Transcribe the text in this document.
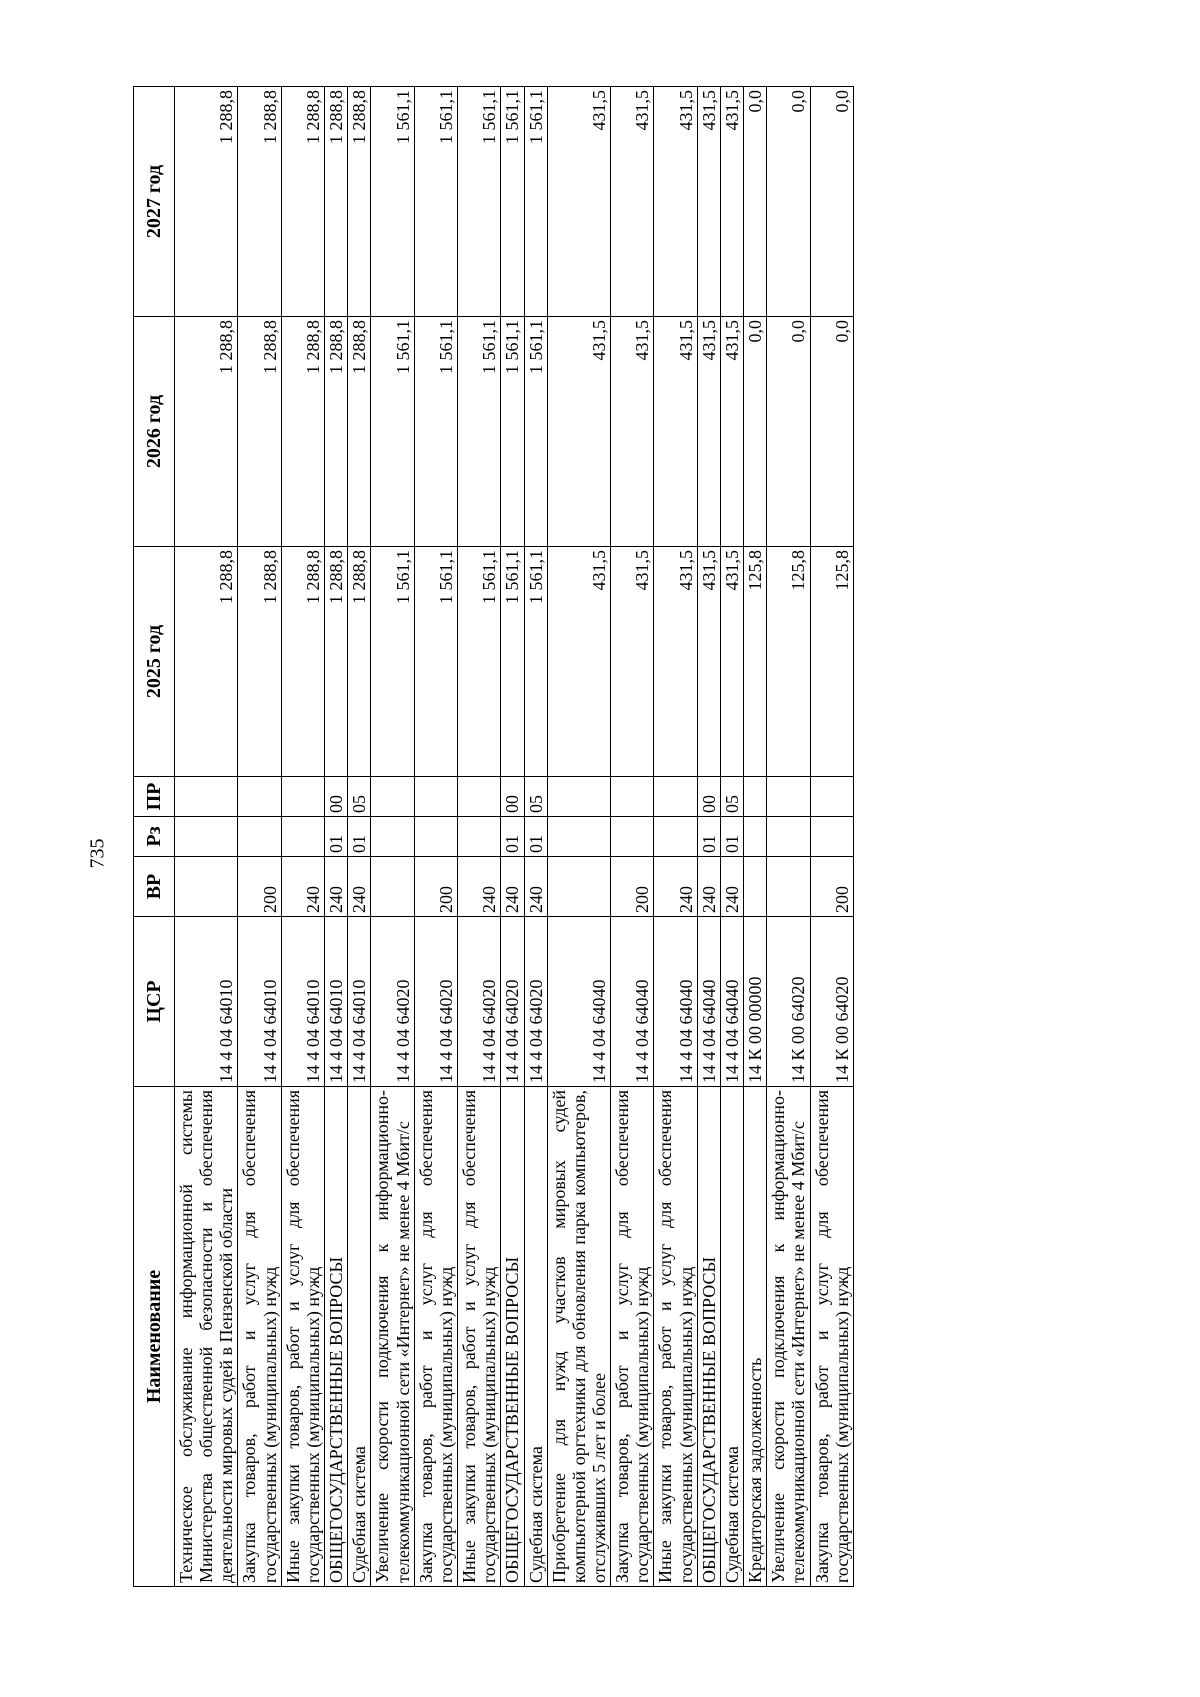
735
Наименование	ЦСР	ВР	Рз	ПР	2025 год	2026 год	2027 год
Техническое обслуживание информационной системы Министерства общественной безопасности и обеспечения деятельности мировых судей в Пензенской области	14 4 04 64010				1 288,8	1 288,8	1 288,8
Закупка товаров, работ и услуг для обеспечения государственных (муниципальных) нужд	14 4 04 64010	200			1 288,8	1 288,8	1 288,8
Иные закупки товаров, работ и услуг для обеспечения государственных (муниципальных) нужд	14 4 04 64010	240			1 288,8	1 288,8	1 288,8
ОБЩЕГОСУДАРСТВЕННЫЕ ВОПРОСЫ	14 4 04 64010	240	01	00	1 288,8	1 288,8	1 288,8
Судебная система	14 4 04 64010	240	01	05	1 288,8	1 288,8	1 288,8
Увеличение скорости подключения к информационно-телекоммуникационной сети «Интернет» не менее 4 Мбит/с	14 4 04 64020				1 561,1	1 561,1	1 561,1
Закупка товаров, работ и услуг для обеспечения государственных (муниципальных) нужд	14 4 04 64020	200			1 561,1	1 561,1	1 561,1
Иные закупки товаров, работ и услуг для обеспечения государственных (муниципальных) нужд	14 4 04 64020	240			1 561,1	1 561,1	1 561,1
ОБЩЕГОСУДАРСТВЕННЫЕ ВОПРОСЫ	14 4 04 64020	240	01	00	1 561,1	1 561,1	1 561,1
Судебная система	14 4 04 64020	240	01	05	1 561,1	1 561,1	1 561,1
Приобретение для нужд участков мировых судей компьютерной оргтехники для обновления парка компьютеров, отслуживших 5 лет и более	14 4 04 64040				431,5	431,5	431,5
Закупка товаров, работ и услуг для обеспечения государственных (муниципальных) нужд	14 4 04 64040	200			431,5	431,5	431,5
Иные закупки товаров, работ и услуг для обеспечения государственных (муниципальных) нужд	14 4 04 64040	240			431,5	431,5	431,5
ОБЩЕГОСУДАРСТВЕННЫЕ ВОПРОСЫ	14 4 04 64040	240	01	00	431,5	431,5	431,5
Судебная система	14 4 04 64040	240	01	05	431,5	431,5	431,5
Кредиторская задолженность	14 К 00 00000				125,8	0,0	0,0
Увеличение скорости подключения к информационно-телекоммуникационной сети «Интернет» не менее 4 Мбит/с	14 К 00 64020				125,8	0,0	0,0
Закупка товаров, работ и услуг для обеспечения государственных (муниципальных) нужд	14 К 00 64020	200			125,8	0,0	0,0
